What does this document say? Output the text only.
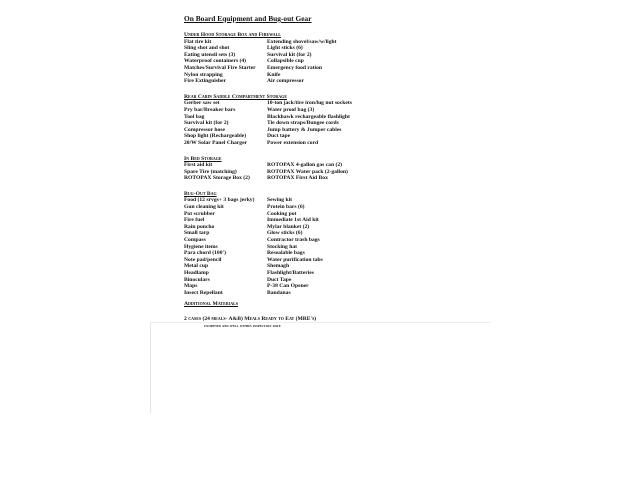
On Board Equipment and Bug-out Gear
Under Hood Storage Box and Firewall
Flat tire kit
Sling shot and shot
Eating utensil sets (3)
Waterproof containers (4)
Matches/Survival Fire Starter
Nylon strapping
Fire Extinguisher
Extending shovel/saw/w/light
Light sticks (6)
Survival kit (for 2)
Collapsible cup
Emergency food ration
Knife
Air compressor
Rear Cabin Saddle Compartment Storage
Gerber saw set
Pry bar/Breaker bars
Tool bag
Survival kit (for 2)
Compressor hose
Shop light (Rechargeable)
20/W Solar Panel Charger
10-ton jack/tire iron/lug nut sockets
Water proof bag (3)
Blackhawk rechargeable flashlight
Tie down straps/Bungee cords
Jump battery & Jumper cables
Duct tape
Power extension cord
In Bed Storage
First aid kit
Spare Tire (matching)
ROTOPAX Storage Box (2)
ROTOPAX 4-gallon gas can (2)
ROTOPAX Water pack (2-gallon)
ROTOPAX First Aid Box
Bug-Out Bag
Food (12 srvgs+ 3 bags jerky)
Gun cleaning kit
Pot scrubber
Fire fuel
Rain poncho
Small tarp
Compass
Hygiene items
Para chord (100')
Note pad/pencil
Metal cup
Headlamp
Binoculars
Maps
Insect Repellant
Sewing kit
Protein bars (6)
Cooking pot
Immediate 1st Aid kit
Mylar blanket (2)
Glow sticks (6)
Contractor trash bags
Stocking hat
Resealable bags
Water purification tabs
Shemagh
Flashlight/Batteries
Duct Tape
P-38 Can Opener
Bandanas
Additional Materials
2 cases (24 meals- A&B) Meals Ready to Eat (MRE's)
unopened and well within inspection date
